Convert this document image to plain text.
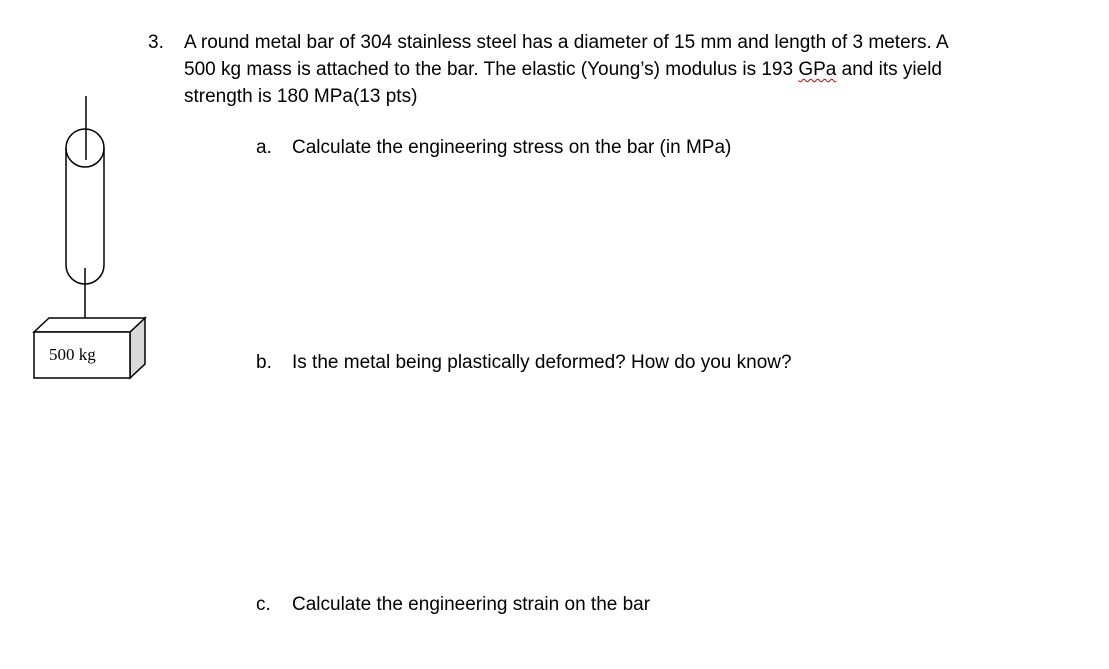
3. A round metal bar of 304 stainless steel has a diameter of 15 mm and length of 3 meters. A
500 kg mass is attached to the bar. The elastic (Young’s) modulus is 193 GPa and its yield
strength is 180 MPa(13 pts)
a. Calculate the engineering stress on the bar (in MPa)
b. Is the metal being plastically deformed? How do you know?
c. Calculate the engineering strain on the bar
500 kg
